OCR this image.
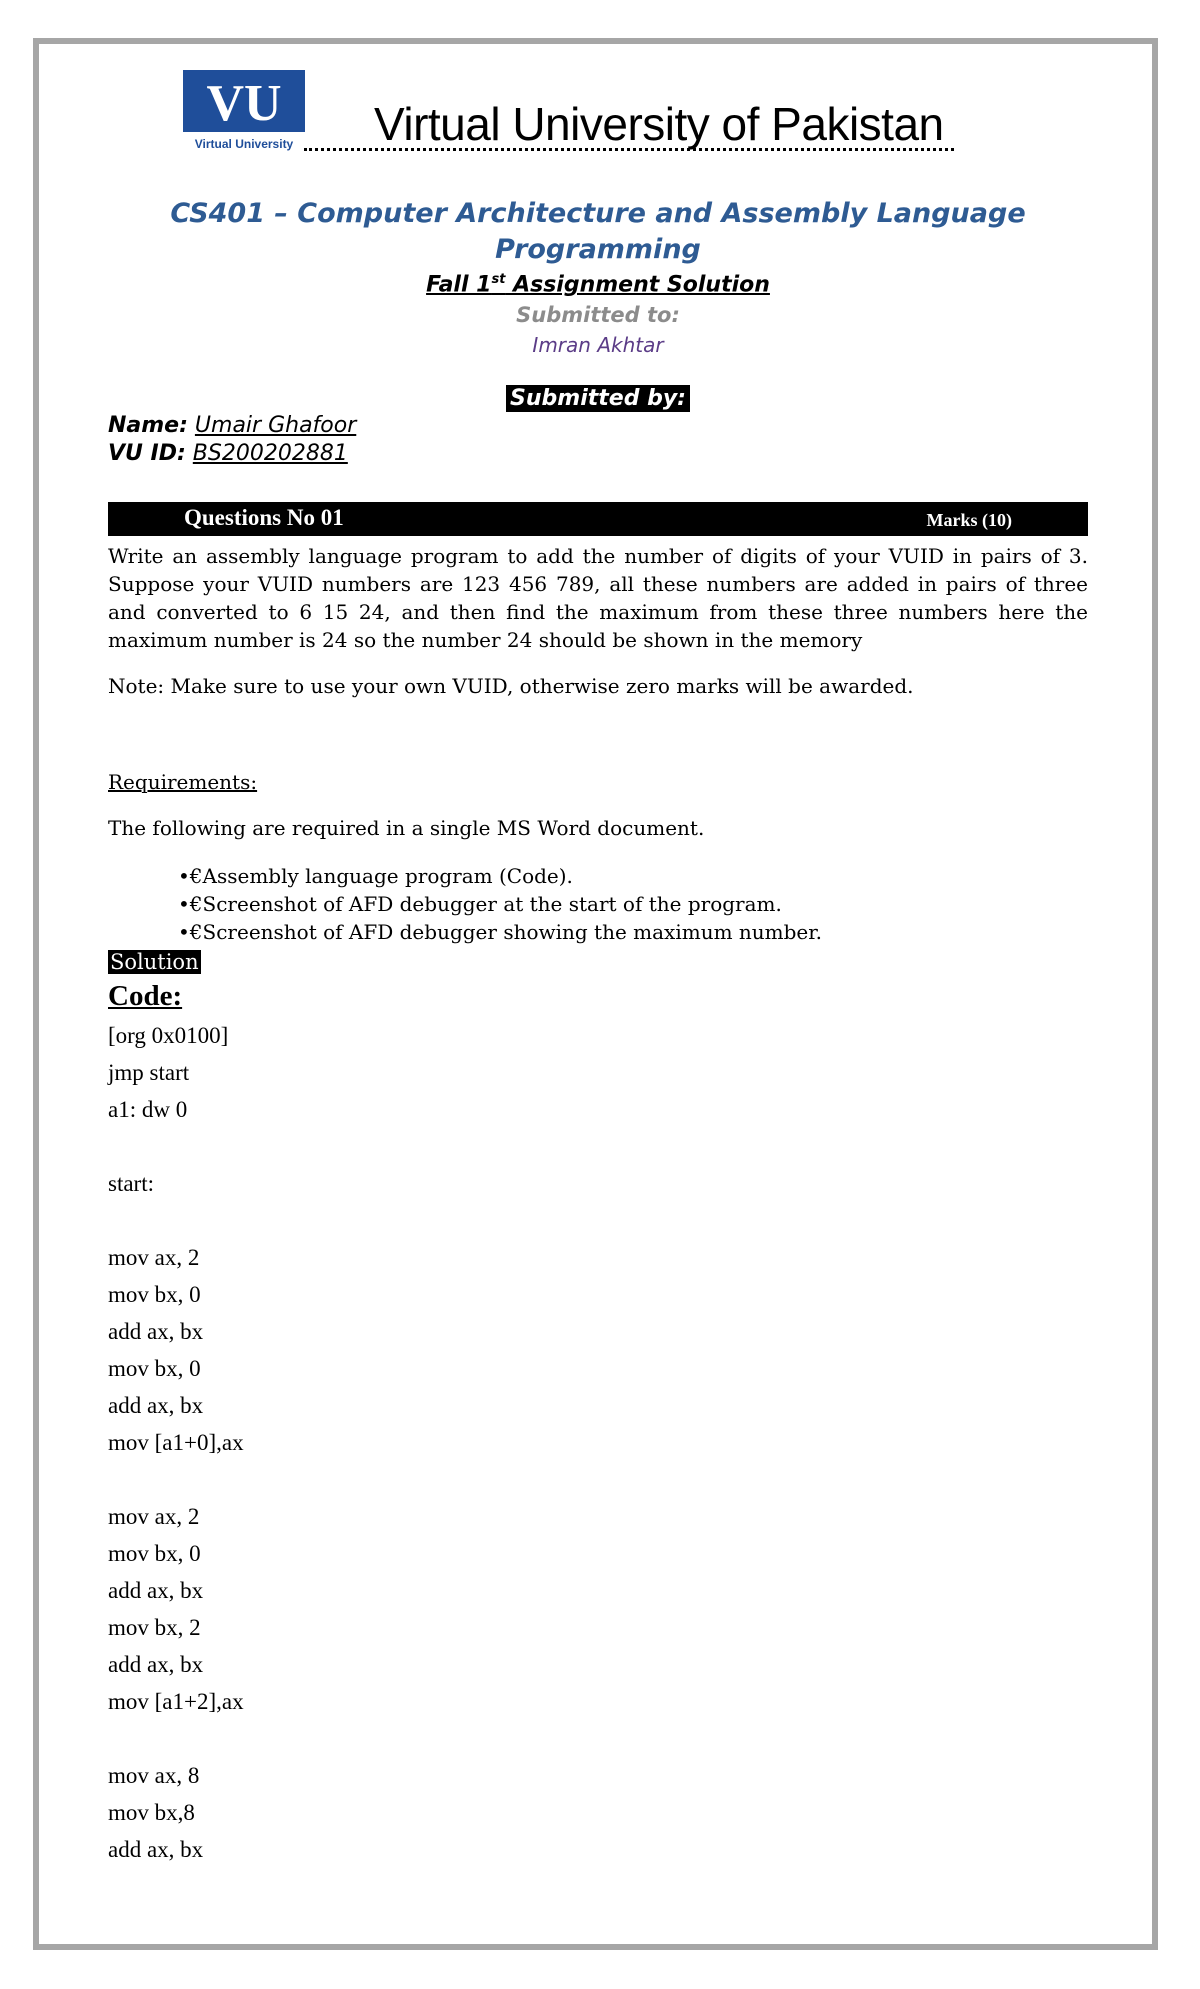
VU
Virtual University	Virtual University of Pakistan
CS401 – Computer Architecture and Assembly Language Programming
Fall 1st Assignment Solution
Submitted to:
Imran Akhtar
Submitted by:
Name: Umair Ghafoor
VU ID: BS200202881
Questions No 01	Marks (10)

Write an assembly language program to add the number of digits of your VUID in pairs of 3. Suppose your VUID numbers are 123 456 789, all these numbers are added in pairs of three and converted to 6 15 24, and then find the maximum from these three numbers here the maximum number is 24 so the number 24 should be shown in the memory

Note: Make sure to use your own VUID, otherwise zero marks will be awarded.
Requirements:
The following are required in a single MS Word document.
•€Assembly language program (Code).
•€Screenshot of AFD debugger at the start of the program.
•€Screenshot of AFD debugger showing the maximum number.
Solution
Code:
[org 0x0100]
jmp start
a1: dw 0
start:
mov ax, 2
mov bx, 0
add ax, bx
mov bx, 0
add ax, bx
mov [a1+0],ax
mov ax, 2
mov bx, 0
add ax, bx
mov bx, 2
add ax, bx
mov [a1+2],ax
mov ax, 8
mov bx,8
add ax, bx
